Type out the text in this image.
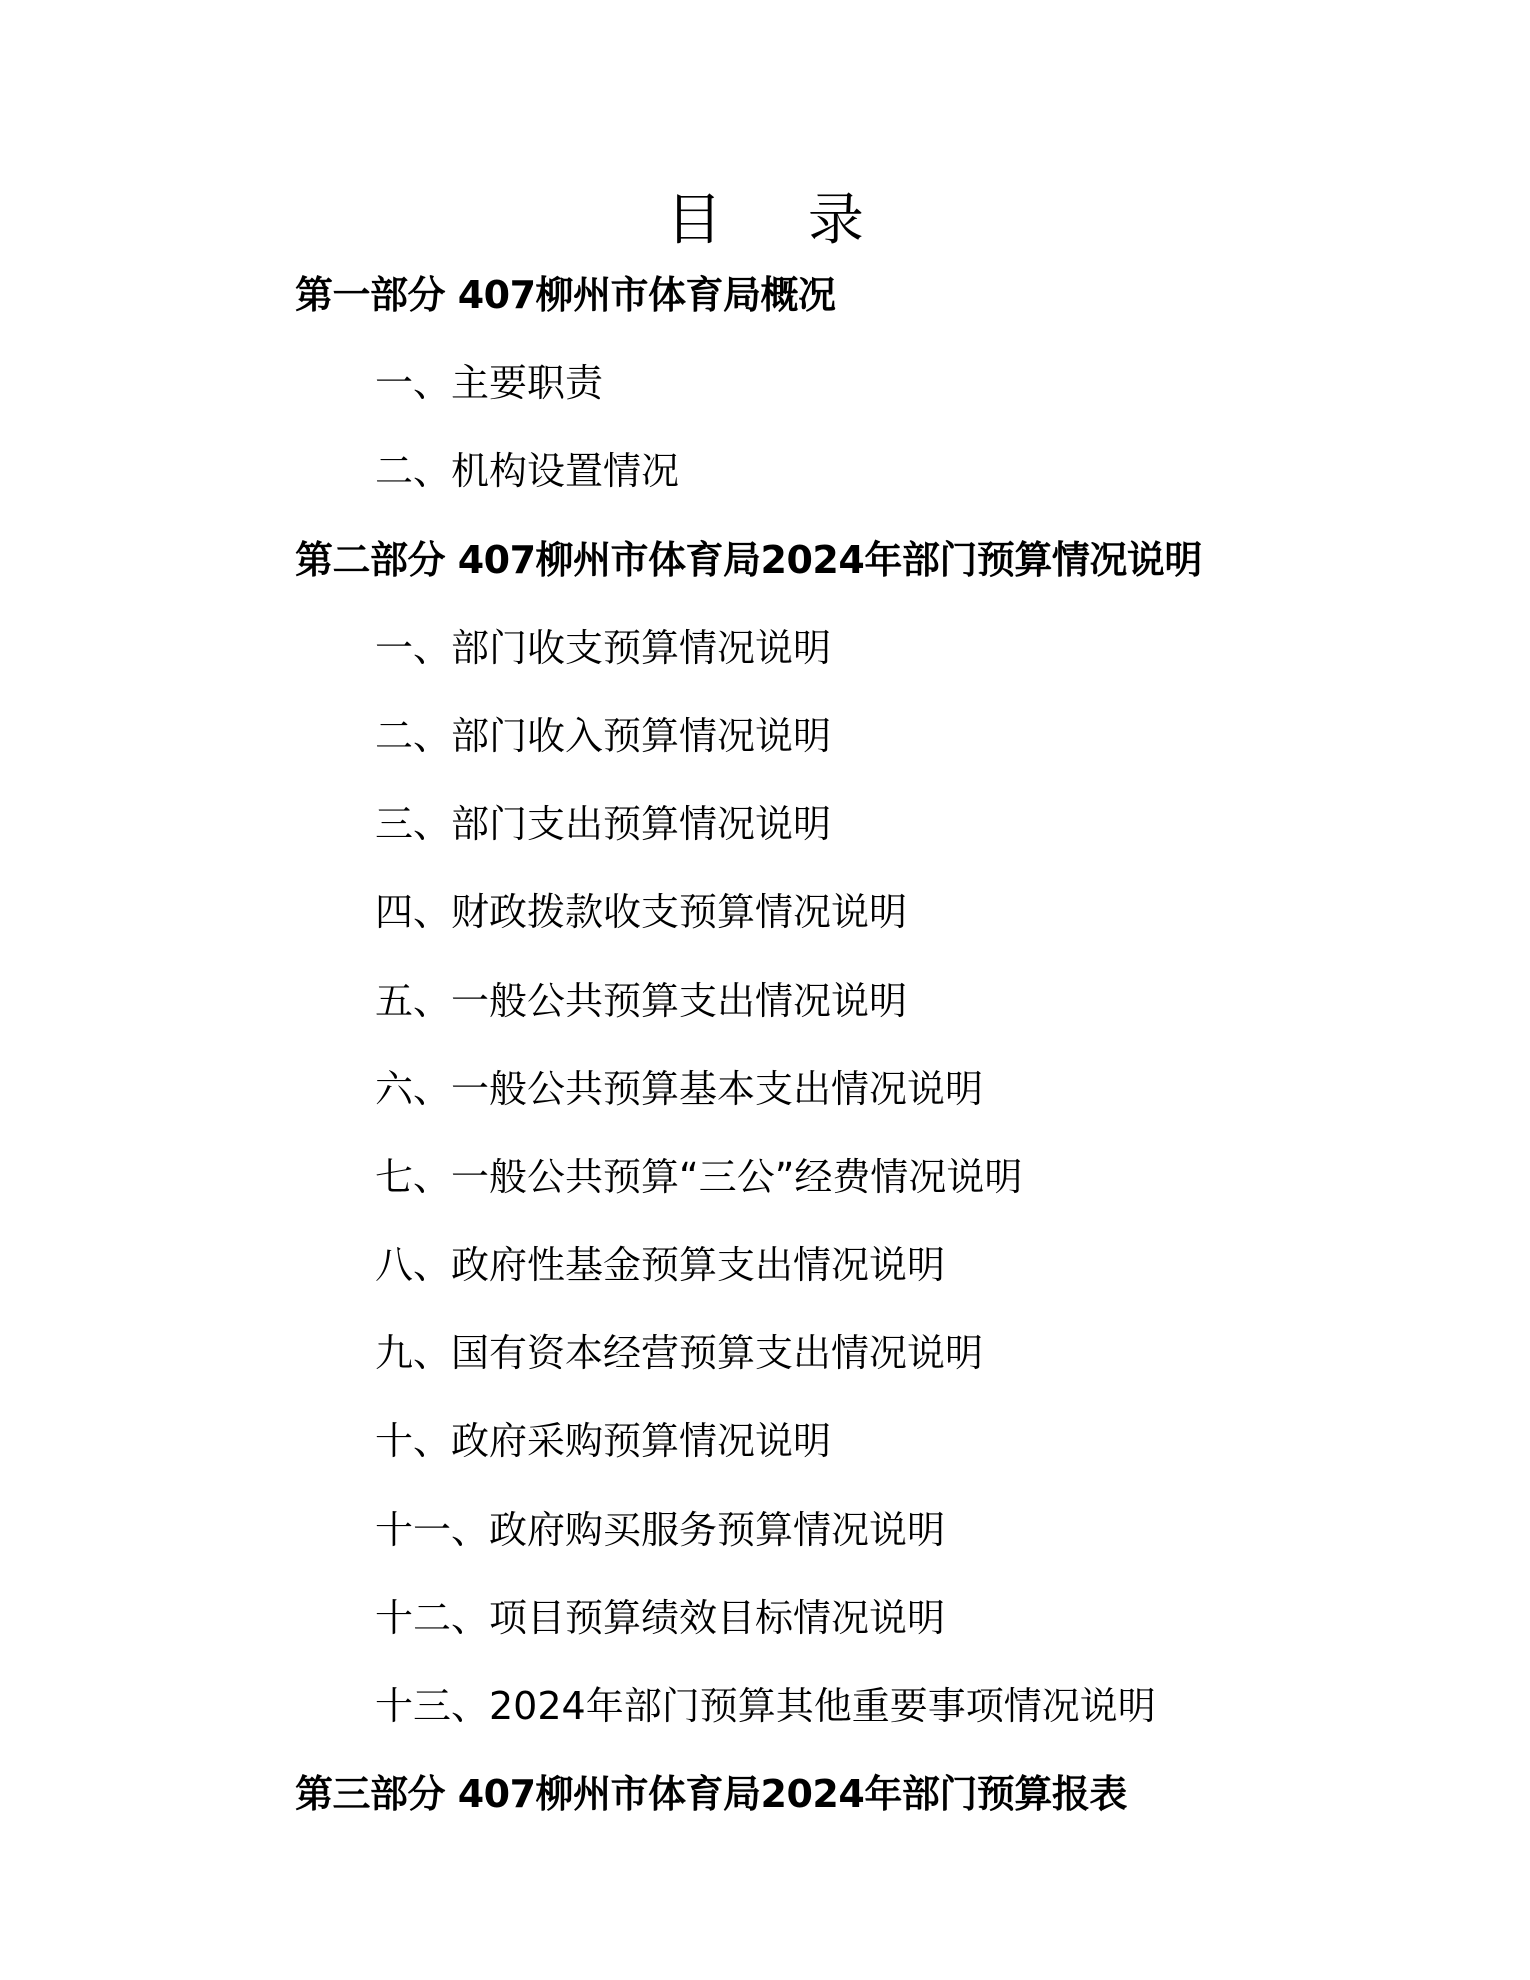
目 录
第一部分 407柳州市体育局概况
一、主要职责
二、机构设置情况
第二部分 407柳州市体育局2024年部门预算情况说明
一、部门收支预算情况说明
二、部门收入预算情况说明
三、部门支出预算情况说明
四、财政拨款收支预算情况说明
五、一般公共预算支出情况说明
六、一般公共预算基本支出情况说明
七、一般公共预算“三公”经费情况说明
八、政府性基金预算支出情况说明
九、国有资本经营预算支出情况说明
十、政府采购预算情况说明
十一、政府购买服务预算情况说明
十二、项目预算绩效目标情况说明
十三、2024年部门预算其他重要事项情况说明
第三部分 407柳州市体育局2024年部门预算报表
